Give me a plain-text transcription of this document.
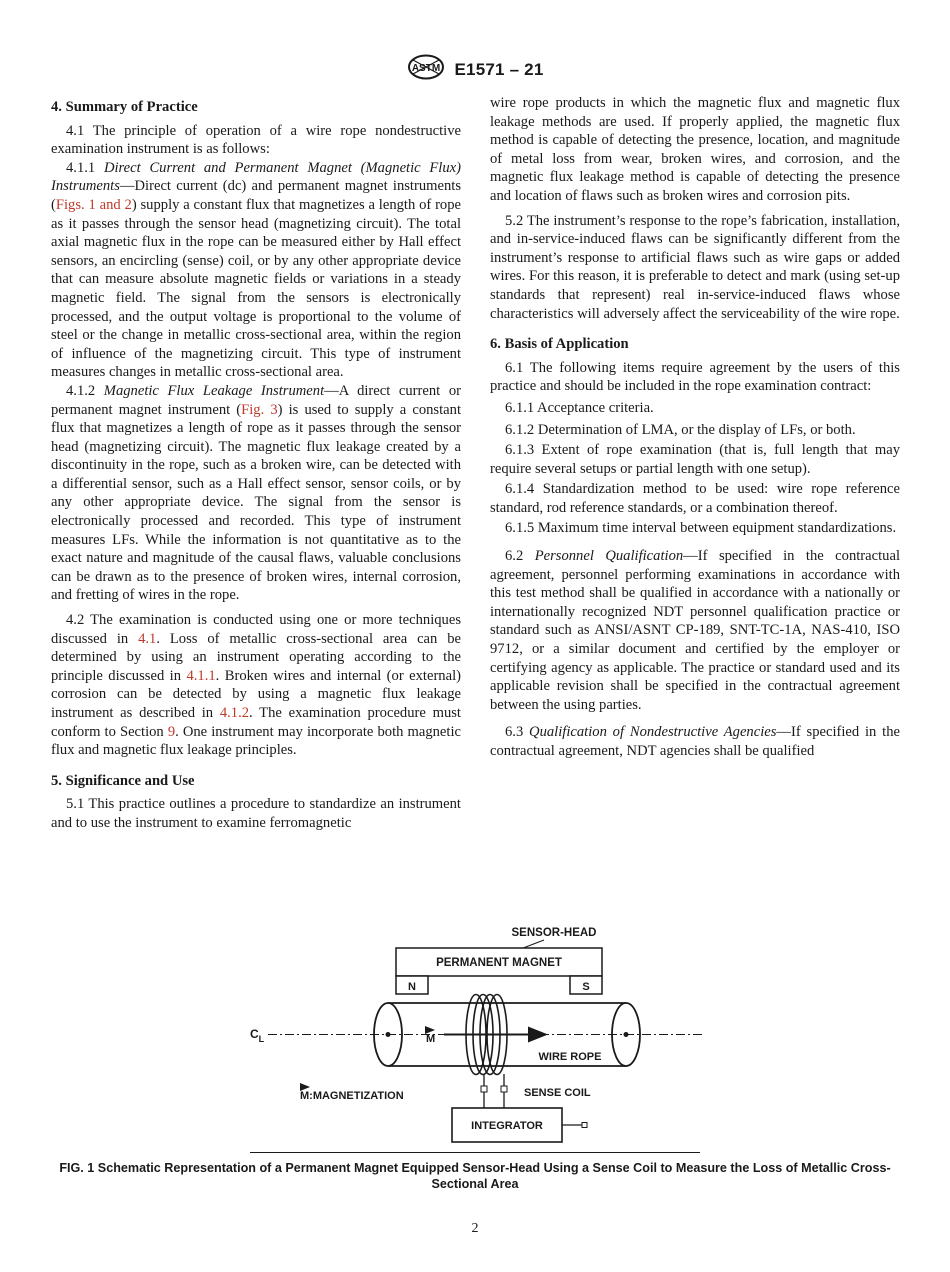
ASTM E1571 – 21
4. Summary of Practice

4.1 The principle of operation of a wire rope nondestructive examination instrument is as follows:

4.1.1 Direct Current and Permanent Magnet (Magnetic Flux) Instruments—Direct current (dc) and permanent magnet instruments (Figs. 1 and 2) supply a constant flux that magnetizes a length of rope as it passes through the sensor head (magnetizing circuit). The total axial magnetic flux in the rope can be measured either by Hall effect sensors, an encircling (sense) coil, or by any other appropriate device that can measure absolute magnetic fields or variations in a steady magnetic field. The signal from the sensors is electronically processed, and the output voltage is proportional to the volume of steel or the change in metallic cross-sectional area, within the region of influence of the magnetizing circuit. This type of instrument measures changes in metallic cross-sectional area.

4.1.2 Magnetic Flux Leakage Instrument—A direct current or permanent magnet instrument (Fig. 3) is used to supply a constant flux that magnetizes a length of rope as it passes through the sensor head (magnetizing circuit). The magnetic flux leakage created by a discontinuity in the rope, such as a broken wire, can be detected with a differential sensor, such as a Hall effect sensor, sensor coils, or by any other appropriate device. The signal from the sensor is electronically processed and recorded. This type of instrument measures LFs. While the information is not quantitative as to the exact nature and magnitude of the causal flaws, valuable conclusions can be drawn as to the presence of broken wires, internal corrosion, and fretting of wires in the rope.

4.2 The examination is conducted using one or more techniques discussed in 4.1. Loss of metallic cross-sectional area can be determined by using an instrument operating according to the principle discussed in 4.1.1. Broken wires and internal (or external) corrosion can be detected by using a magnetic flux leakage instrument as described in 4.1.2. The examination procedure must conform to Section 9. One instrument may incorporate both magnetic flux and magnetic flux leakage principles.

5. Significance and Use

5.1 This practice outlines a procedure to standardize an instrument and to use the instrument to examine ferromagnetic

wire rope products in which the magnetic flux and magnetic flux leakage methods are used. If properly applied, the magnetic flux method is capable of detecting the presence, location, and magnitude of metal loss from wear, broken wires, and corrosion, and the magnetic flux leakage method is capable of detecting the presence and location of flaws such as broken wires and corrosion pits.

5.2 The instrument’s response to the rope’s fabrication, installation, and in-service-induced flaws can be significantly different from the instrument’s response to artificial flaws such as wire gaps or added wires. For this reason, it is preferable to detect and mark (using set-up standards that represent) real in-service-induced flaws whose characteristics will adversely affect the serviceability of the wire rope.

6. Basis of Application

6.1 The following items require agreement by the users of this practice and should be included in the rope examination contract:

6.1.1 Acceptance criteria.

6.1.2 Determination of LMA, or the display of LFs, or both.

6.1.3 Extent of rope examination (that is, full length that may require several setups or partial length with one setup).

6.1.4 Standardization method to be used: wire rope reference standard, rod reference standards, or a combination thereof.

6.1.5 Maximum time interval between equipment standardizations.

6.2 Personnel Qualification—If specified in the contractual agreement, personnel performing examinations in accordance with this test method shall be qualified in accordance with a nationally or internationally recognized NDT personnel qualification practice or standard such as ANSI/ASNT CP-189, SNT-TC-1A, NAS-410, ISO 9712, or a similar document and certified by the employer or certifying agency as applicable. The practice or standard used and its applicable revision shall be specified in the contractual agreement between the using parties.

6.3 Qualification of Nondestructive Agencies—If specified in the contractual agreement, NDT agencies shall be qualified

SENSOR-HEAD
PERMANENT MAGNET
N	S
$C_L$	M
WIRE ROPE
SENSE COIL
M:MAGNETIZATION
INTEGRATOR
FIG. 1 Schematic Representation of a Permanent Magnet Equipped Sensor-Head Using a Sense Coil to Measure the Loss of Metallic Cross-Sectional Area
2
